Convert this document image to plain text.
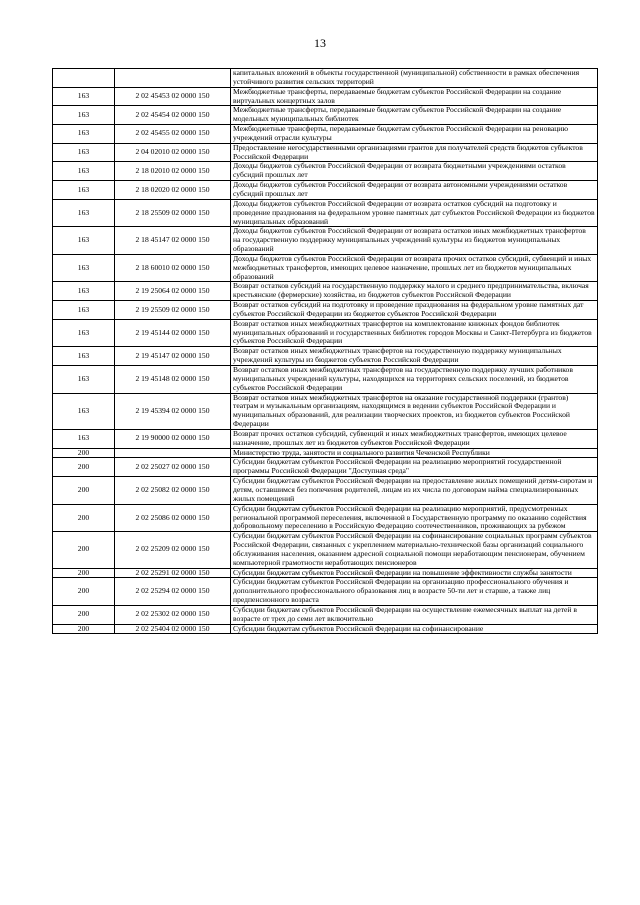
13
		капитальных вложений в объекты государственной (муниципальной) собственности в рамках обеспечения устойчивого развития сельских территорий
163	2 02 45453 02 0000 150	Межбюджетные трансферты, передаваемые бюджетам субъектов Российской Федерации на создание виртуальных концертных залов
163	2 02 45454 02 0000 150	Межбюджетные трансферты, передаваемые бюджетам субъектов Российской Федерации на создание модельных муниципальных библиотек
163	2 02 45455 02 0000 150	Межбюджетные трансферты, передаваемые бюджетам субъектов Российской Федерации на реновацию учреждений отрасли культуры
163	2 04 02010 02 0000 150	Предоставление негосударственными организациями грантов для получателей средств бюджетов субъектов Российской Федерации
163	2 18 02010 02 0000 150	Доходы бюджетов субъектов Российской Федерации от возврата бюджетными учреждениями остатков субсидий прошлых лет
163	2 18 02020 02 0000 150	Доходы бюджетов субъектов Российской Федерации от возврата автономными учреждениями остатков субсидий прошлых лет
163	2 18 25509 02 0000 150	Доходы бюджетов субъектов Российской Федерации от возврата остатков субсидий на подготовку и проведение празднования на федеральном уровне памятных дат субъектов Российской Федерации из бюджетов муниципальных образований
163	2 18 45147 02 0000 150	Доходы бюджетов субъектов Российской Федерации от возврата остатков иных межбюджетных трансфертов на государственную поддержку муниципальных учреждений культуры из бюджетов муниципальных образований
163	2 18 60010 02 0000 150	Доходы бюджетов субъектов Российской Федерации от возврата прочих остатков субсидий, субвенций и иных межбюджетных трансфертов, имеющих целевое назначение, прошлых лет из бюджетов муниципальных образований
163	2 19 25064 02 0000 150	Возврат остатков субсидий на государственную поддержку малого и среднего предпринимательства, включая крестьянские (фермерские) хозяйства, из бюджетов субъектов Российской Федерации
163	2 19 25509 02 0000 150	Возврат остатков субсидий на подготовку и проведение празднования на федеральном уровне памятных дат субъектов Российской Федерации из бюджетов субъектов Российской Федерации
163	2 19 45144 02 0000 150	Возврат остатков иных межбюджетных трансфертов на комплектование книжных фондов библиотек муниципальных образований и государственных библиотек городов Москвы и Санкт-Петербурга из бюджетов субъектов Российской Федерации
163	2 19 45147 02 0000 150	Возврат остатков иных межбюджетных трансфертов на государственную поддержку муниципальных учреждений культуры из бюджетов субъектов Российской Федерации
163	2 19 45148 02 0000 150	Возврат остатков иных межбюджетных трансфертов на государственную поддержку лучших работников муниципальных учреждений культуры, находящихся на территориях сельских поселений, из бюджетов субъектов Российской Федерации
163	2 19 45394 02 0000 150	Возврат остатков иных межбюджетных трансфертов на оказание государственной поддержки (грантов) театрам и музыкальным организациям, находящимся в ведении субъектов Российской Федерации и муниципальных образований, для реализации творческих проектов, из бюджетов субъектов Российской Федерации
163	2 19 90000 02 0000 150	Возврат прочих остатков субсидий, субвенций и иных межбюджетных трансфертов, имеющих целевое назначение, прошлых лет из бюджетов субъектов Российской Федерации
200		Министерство труда, занятости и социального развития Чеченской Республики
200	2 02 25027 02 0000 150	Субсидии бюджетам субъектов Российской Федерации на реализацию мероприятий государственной программы Российской Федерации "Доступная среда"
200	2 02 25082 02 0000 150	Субсидии бюджетам субъектов Российской Федерации на предоставление жилых помещений детям-сиротам и детям, оставшимся без попечения родителей, лицам из их числа по договорам найма специализированных жилых помещений
200	2 02 25086 02 0000 150	Субсидии бюджетам субъектов Российской Федерации на реализацию мероприятий, предусмотренных региональной программой переселения, включенной в Государственную программу по оказанию содействия добровольному переселению в Российскую Федерацию соотечественников, проживающих за рубежом
200	2 02 25209 02 0000 150	Субсидии бюджетам субъектов Российской Федерации на софинансирование социальных программ субъектов Российской Федерации, связанных с укреплением материально-технической базы организаций социального обслуживания населения, оказанием адресной социальной помощи неработающим пенсионерам, обучением компьютерной грамотности неработающих пенсионеров
200	2 02 25291 02 0000 150	Субсидии бюджетам субъектов Российской Федерации на повышение эффективности службы занятости
200	2 02 25294 02 0000 150	Субсидии бюджетам субъектов Российской Федерации на организацию профессионального обучения и дополнительного профессионального образования лиц в возрасте 50-ти лет и старше, а также лиц предпенсионного возраста
200	2 02 25302 02 0000 150	Субсидии бюджетам субъектов Российской Федерации на осуществление ежемесячных выплат на детей в возрасте от трех до семи лет включительно
200	2 02 25404 02 0000 150	Субсидии бюджетам субъектов Российской Федерации на софинансирование
